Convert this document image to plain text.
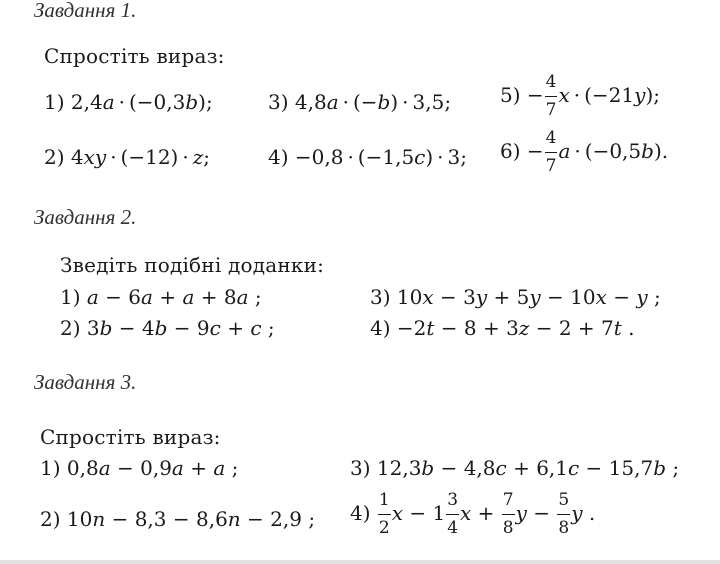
Завдання 1.
Спростіть вираз:
1) 2,4a · (−0,3b);	3) 4,8a · (−b) · 3,5; $5) - \frac{4}{7}$ x · (−21y);
2) 4xy · (−12) · z;	4) −0,8 · (−1,5c) · 3; $6) - \frac{4}{7}$ a · (−0,5b).
Завдання 2.
Зведіть подібні доданки:
1) a − 6a + a + 8a ;	3) 10x − 3y + 5y − 10x − y ;
2) 3b − 4b − 9c + c ;	4) −2t − 8 + 3z − 2 + 7t .
Завдання 3.
Спростіть вираз:
1) 0,8a − 0,9a + a ;	3) 12,3b − 4,8c + 6,1c − 15,7b ;
2) 10n − 8,3 − 8,6n − 2,9 ; $4) \frac{1}{2}$ $x - 1 \frac{3}{4}$ $x + \frac{7}{8}$ $y - \frac{5}{8}$ y .
